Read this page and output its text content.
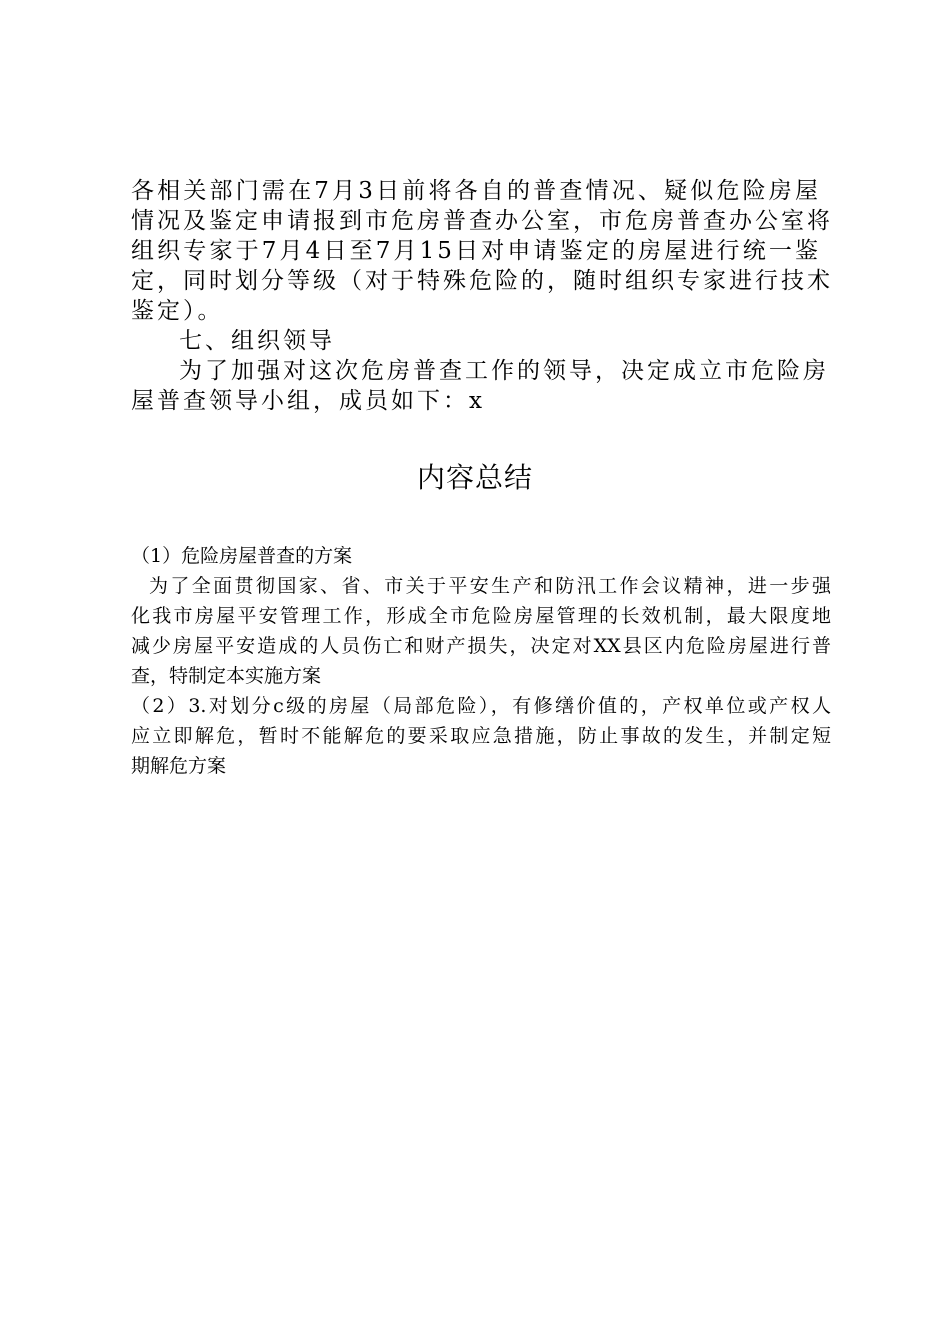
各相关部门需在7月3日前将各自的普查情况、疑似危险房屋
情况及鉴定申请报到市危房普查办公室，市危房普查办公室将
组织专家于7月4日至7月15日对申请鉴定的房屋进行统一鉴
定，同时划分等级（对于特殊危险的，随时组织专家进行技术
鉴定）。
七、组织领导
为了加强对这次危房普查工作的领导，决定成立市危险房
屋普查领导小组，成员如下：x
内容总结
（1）危险房屋普查的方案
为了全面贯彻国家、省、市关于平安生产和防汛工作会议精神，进一步强
化我市房屋平安管理工作，形成全市危险房屋管理的长效机制，最大限度地
减少房屋平安造成的人员伤亡和财产损失，决定对XX县区内危险房屋进行普
查，特制定本实施方案
（2）3.对划分c级的房屋（局部危险），有修缮价值的，产权单位或产权人
应立即解危，暂时不能解危的要采取应急措施，防止事故的发生，并制定短
期解危方案
